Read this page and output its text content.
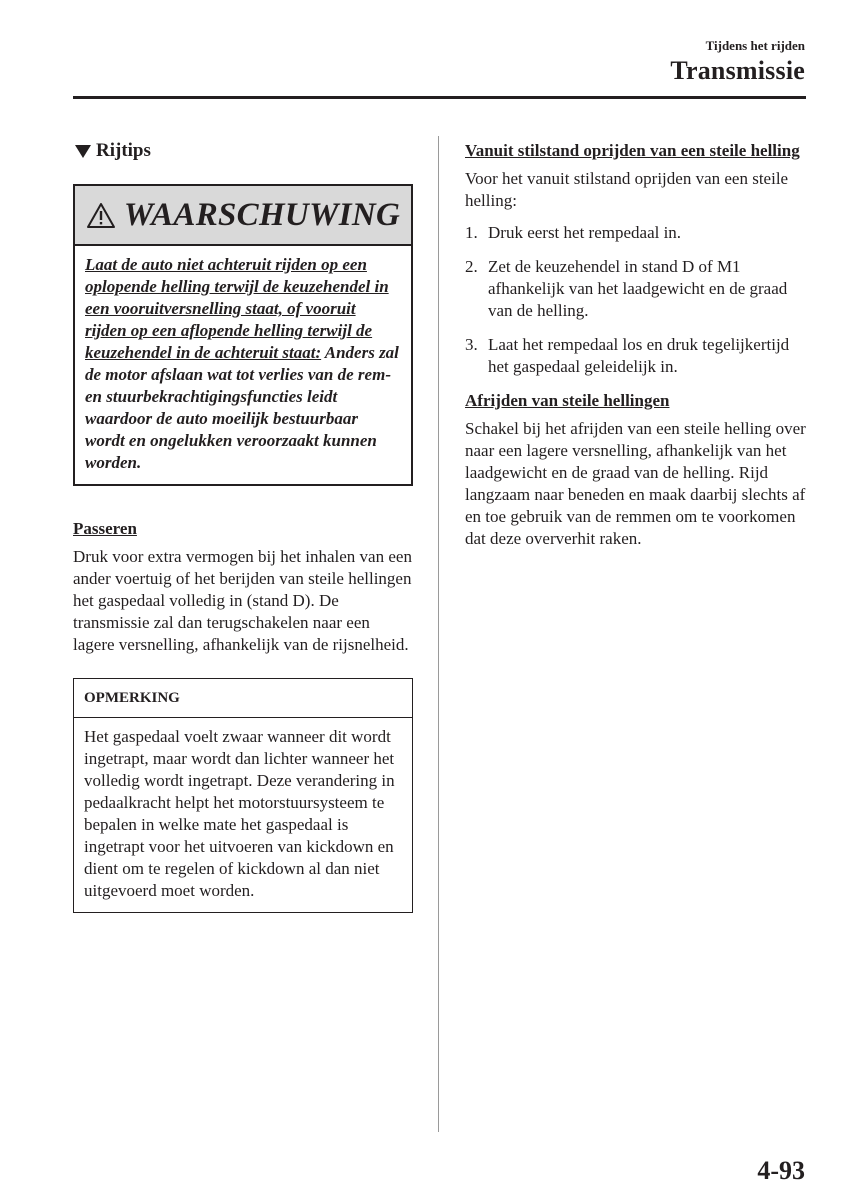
Tijdens het rijden
Transmissie
Rijtips
WAARSCHUWING
Laat de auto niet achteruit rijden op een oplopende helling terwijl de keuzehendel in een vooruitversnelling staat, of vooruit rijden op een aflopende helling terwijl de keuzehendel in de achteruit staat: Anders zal de motor afslaan wat tot verlies van de rem- en stuurbekrachtigingsfuncties leidt waardoor de auto moeilijk bestuurbaar wordt en ongelukken veroorzaakt kunnen worden.
Passeren

Druk voor extra vermogen bij het inhalen van een ander voertuig of het berijden van steile hellingen het gaspedaal volledig in (stand D). De transmissie zal dan terugschakelen naar een lagere versnelling, afhankelijk van de rijsnelheid.

OPMERKING
Het gaspedaal voelt zwaar wanneer dit wordt ingetrapt, maar wordt dan lichter wanneer het volledig wordt ingetrapt. Deze verandering in pedaalkracht helpt het motorstuursysteem te bepalen in welke mate het gaspedaal is ingetrapt voor het uitvoeren van kickdown en dient om te regelen of kickdown al dan niet uitgevoerd moet worden.
Vanuit stilstand oprijden van een steile helling

Voor het vanuit stilstand oprijden van een steile helling:

1. Druk eerst het rempedaal in.
2. Zet de keuzehendel in stand D of M1 afhankelijk van het laadgewicht en de graad van de helling.
3. Laat het rempedaal los en druk tegelijkertijd het gaspedaal geleidelijk in.
Afrijden van steile hellingen

Schakel bij het afrijden van een steile helling over naar een lagere versnelling, afhankelijk van het laadgewicht en de graad van de helling. Rijd langzaam naar beneden en maak daarbij slechts af en toe gebruik van de remmen om te voorkomen dat deze oververhit raken.

4-93
